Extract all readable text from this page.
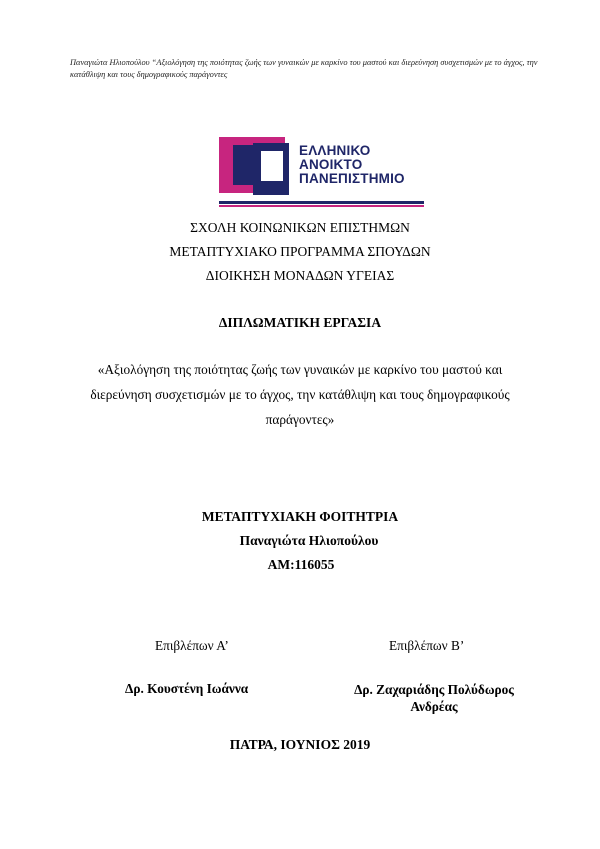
Παναγιώτα Ηλιοπούλου “Αξιολόγηση της ποιότητας ζωής των γυναικών με καρκίνο του μαστού και διερεύνηση συσχετισμών με το άγχος, την κατάθλιψη και τους δημογραφικούς παράγοντες
ΕΛΛΗΝΙΚΟ
ΑΝΟΙΚΤΟ
ΠΑΝΕΠΙΣΤΗΜΙΟ
ΣΧΟΛΗ ΚΟΙΝΩΝΙΚΩΝ ΕΠΙΣΤΗΜΩΝ
ΜΕΤΑΠΤΥΧΙΑΚΟ ΠΡΟΓΡΑΜΜΑ ΣΠΟΥΔΩΝ
ΔΙΟΙΚΗΣΗ ΜΟΝΑΔΩΝ ΥΓΕΙΑΣ
ΔΙΠΛΩΜΑΤΙΚΗ ΕΡΓΑΣΙΑ
«Αξιολόγηση της ποιότητας ζωής των γυναικών με καρκίνο του μαστού και διερεύνηση συσχετισμών με το άγχος, την κατάθλιψη και τους δημογραφικούς παράγοντες»
ΜΕΤΑΠΤΥΧΙΑΚΗ ΦΟΙΤΗΤΡΙΑ
Παναγιώτα Ηλιοπούλου
ΑΜ:116055
Επιβλέπων Α’	Επιβλέπων Β’
Δρ. Κουστένη Ιωάννα	Δρ. Ζαχαριάδης Πολύδωρος
Ανδρέας
ΠΑΤΡΑ, ΙΟΥΝΙΟΣ 2019
